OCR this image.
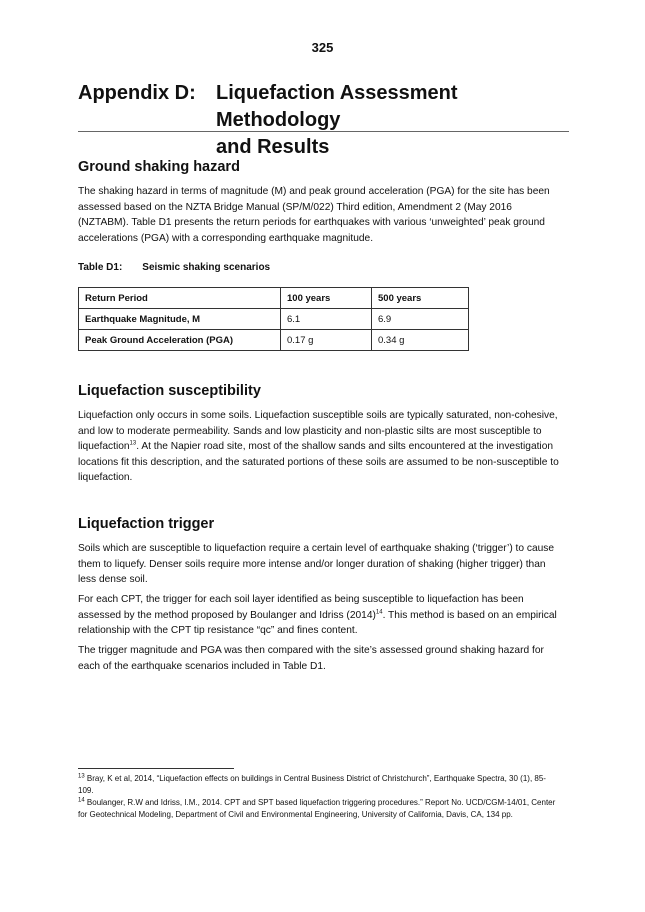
325
Appendix D: Liquefaction Assessment Methodology
and Results
Ground shaking hazard

The shaking hazard in terms of magnitude (M) and peak ground acceleration (PGA) for the site has been assessed based on the NZTA Bridge Manual (SP/M/022) Third edition, Amendment 2 (May 2016 (NZTABM). Table D1 presents the return periods for earthquakes with various ‘unweighted’ peak ground accelerations (PGA) with a corresponding earthquake magnitude.

Table D1: Seismic shaking scenarios
Return Period	100 years	500 years
Earthquake Magnitude, M	6.1	6.9
Peak Ground Acceleration (PGA)	0.17 g	0.34 g
Liquefaction susceptibility

Liquefaction only occurs in some soils. Liquefaction susceptible soils are typically saturated, non-cohesive, and low to moderate permeability. Sands and low plasticity and non-plastic silts are most susceptible to liquefaction$^{13}$. At the Napier road site, most of the shallow sands and silts encountered at the investigation locations fit this description, and the saturated portions of these soils are assumed to be non-susceptible to liquefaction.

Liquefaction trigger

Soils which are susceptible to liquefaction require a certain level of earthquake shaking (‘trigger’) to cause them to liquefy. Denser soils require more intense and/or longer duration of shaking (higher trigger) than less dense soil.

For each CPT, the trigger for each soil layer identified as being susceptible to liquefaction has been assessed by the method proposed by Boulanger and Idriss $(2014)^{14}$. This method is based on an empirical relationship with the CPT tip resistance “qc” and fines content.

The trigger magnitude and PGA was then compared with the site’s assessed ground shaking hazard for each of the earthquake scenarios included in Table D1.

$^{13}$ Bray, K et al, 2014, “Liquefaction effects on buildings in Central Business District of Christchurch”, Earthquake Spectra, 30 (1), 85-109.
$^{14}$ Boulanger, R.W and Idriss, I.M., 2014. CPT and SPT based liquefaction triggering procedures.” Report No. UCD/CGM-14/01, Center for Geotechnical Modeling, Department of Civil and Environmental Engineering, University of California, Davis, CA, 134 pp.
